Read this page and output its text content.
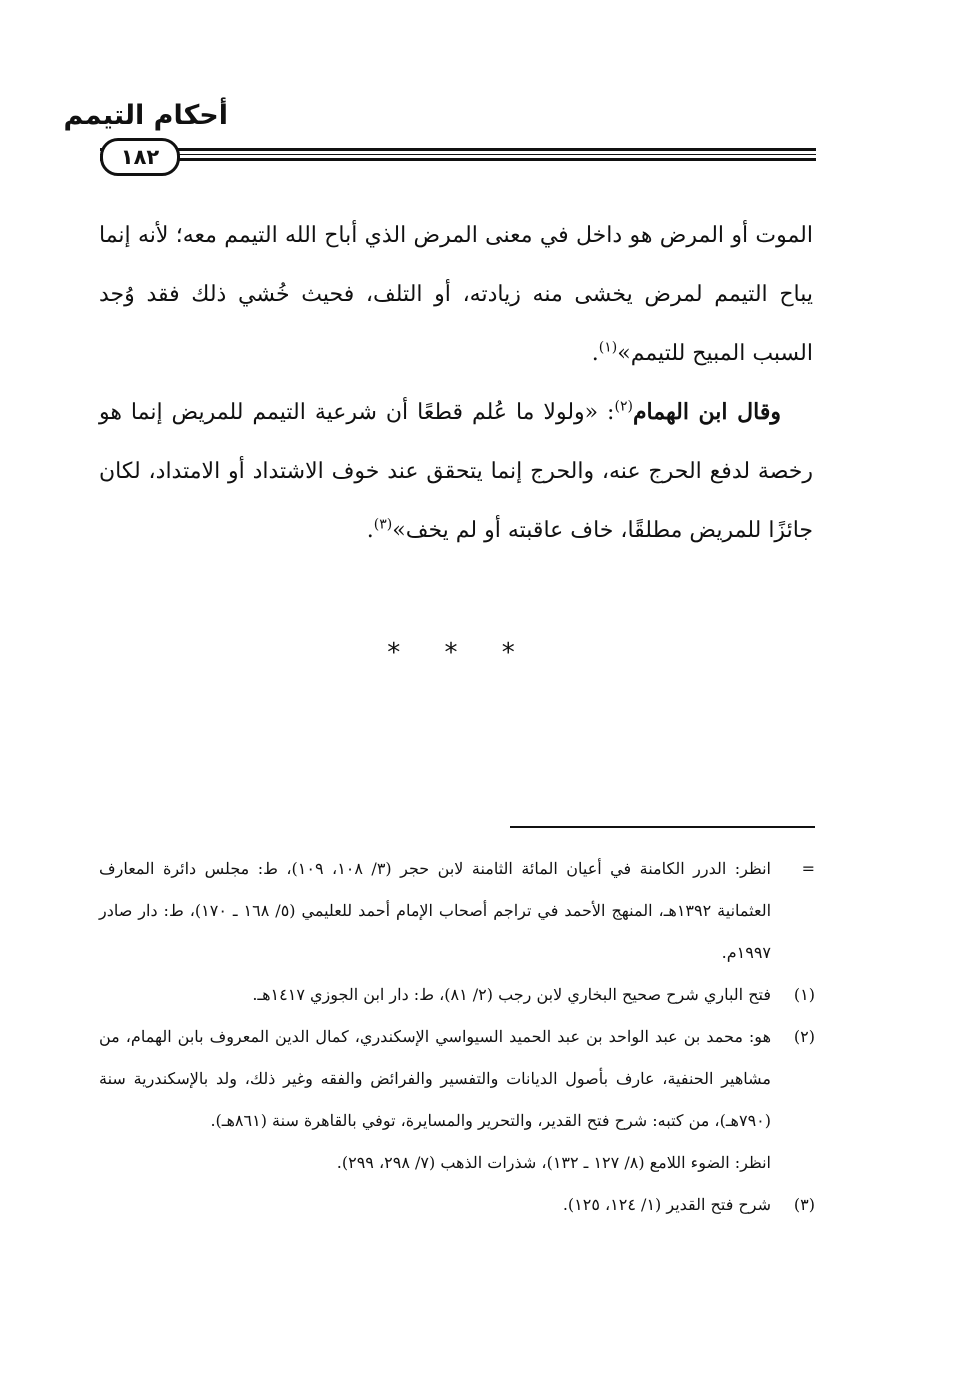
أحكام التيمم
١٨٢

الموت أو المرض هو داخل في معنى المرض الذي أباح الله التيمم معه؛ لأنه إنما يباح التيمم لمرض يخشى منه زيادته، أو التلف، فحيث خُشي ذلك فقد وُجد السبب المبيح للتيمم»$^{(١)}$.

وقال ابن الهمام$^{(٢)}$: «ولولا ما عُلم قطعًا أن شرعية التيمم للمريض إنما هو رخصة لدفع الحرج عنه، والحرج إنما يتحقق عند خوف الاشتداد أو الامتداد، لكان جائزًا للمريض مطلقًا، خاف عاقبته أو لم يخف»$^{(٣)}$.

* * *
=
انظر: الدرر الكامنة في أعيان المائة الثامنة لابن حجر (٣/ ١٠٨، ١٠٩)، ط: مجلس دائرة المعارف العثمانية ١٣٩٢هـ، المنهج الأحمد في تراجم أصحاب الإمام أحمد للعليمي (٥/ ١٦٨ ـ ١٧٠)، ط: دار صادر ١٩٩٧م.
(١)
فتح الباري شرح صحيح البخاري لابن رجب (٢/ ٨١)، ط: دار ابن الجوزي ١٤١٧هـ.
(٢)
هو: محمد بن عبد الواحد بن عبد الحميد السيواسي الإسكندري، كمال الدين المعروف بابن الهمام، من مشاهير الحنفية، عارف بأصول الديانات والتفسير والفرائض والفقه وغير ذلك، ولد بالإسكندرية سنة (٧٩٠هـ)، من كتبه: شرح فتح القدير، والتحرير والمسايرة، توفي بالقاهرة سنة (٨٦١هـ).
انظر: الضوء اللامع (٨/ ١٢٧ ـ ١٣٢)، شذرات الذهب (٧/ ٢٩٨، ٢٩٩).
(٣)
شرح فتح القدير (١/ ١٢٤، ١٢٥).
